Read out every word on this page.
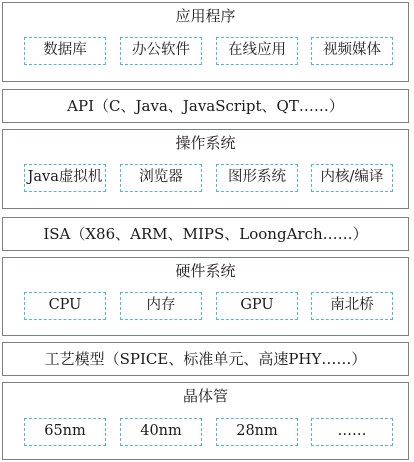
应用程序
数据库	办公软件	在线应用	视频媒体
API（C、Java、JavaScript、QT……）
操作系统
Java虚拟机	浏览器	图形系统	内核/编译
ISA（X86、ARM、MIPS、LoongArch……）
硬件系统
CPU	内存	GPU	南北桥
工艺模型（SPICE、标准单元、高速PHY……）
晶体管
65nm	40nm	28nm	……
